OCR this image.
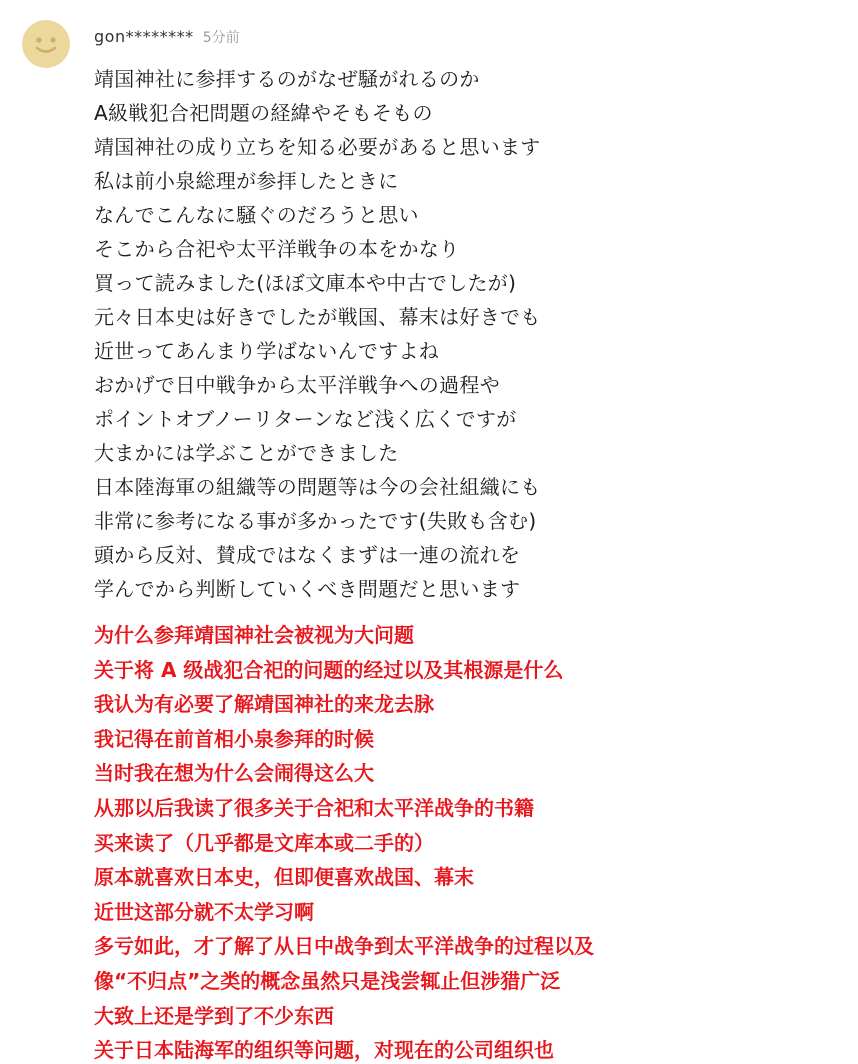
gon******** 5分前
靖国神社に参拝するのがなぜ騒がれるのか
A級戦犯合祀問題の経緯やそもそもの
靖国神社の成り立ちを知る必要があると思います
私は前小泉総理が参拝したときに
なんでこんなに騒ぐのだろうと思い
そこから合祀や太平洋戦争の本をかなり
買って読みました(ほぼ文庫本や中古でしたが)
元々日本史は好きでしたが戦国、幕末は好きでも
近世ってあんまり学ばないんですよね
おかげで日中戦争から太平洋戦争への過程や
ポイントオブノーリターンなど浅く広くですが
大まかには学ぶことができました
日本陸海軍の組織等の問題等は今の会社組織にも
非常に参考になる事が多かったです(失敗も含む)
頭から反対、賛成ではなくまずは一連の流れを
学んでから判断していくべき問題だと思います
为什么参拜靖国神社会被视为大问题
关于将 A 级战犯合祀的问题的经过以及其根源是什么
我认为有必要了解靖国神社的来龙去脉
我记得在前首相小泉参拜的时候
当时我在想为什么会闹得这么大
从那以后我读了很多关于合祀和太平洋战争的书籍
买来读了（几乎都是文库本或二手的）
原本就喜欢日本史，但即便喜欢战国、幕末
近世这部分就不太学习啊
多亏如此，才了解了从日中战争到太平洋战争的过程以及
像“不归点”之类的概念虽然只是浅尝辄止但涉猎广泛
大致上还是学到了不少东西
关于日本陆海军的组织等问题，对现在的公司组织也
